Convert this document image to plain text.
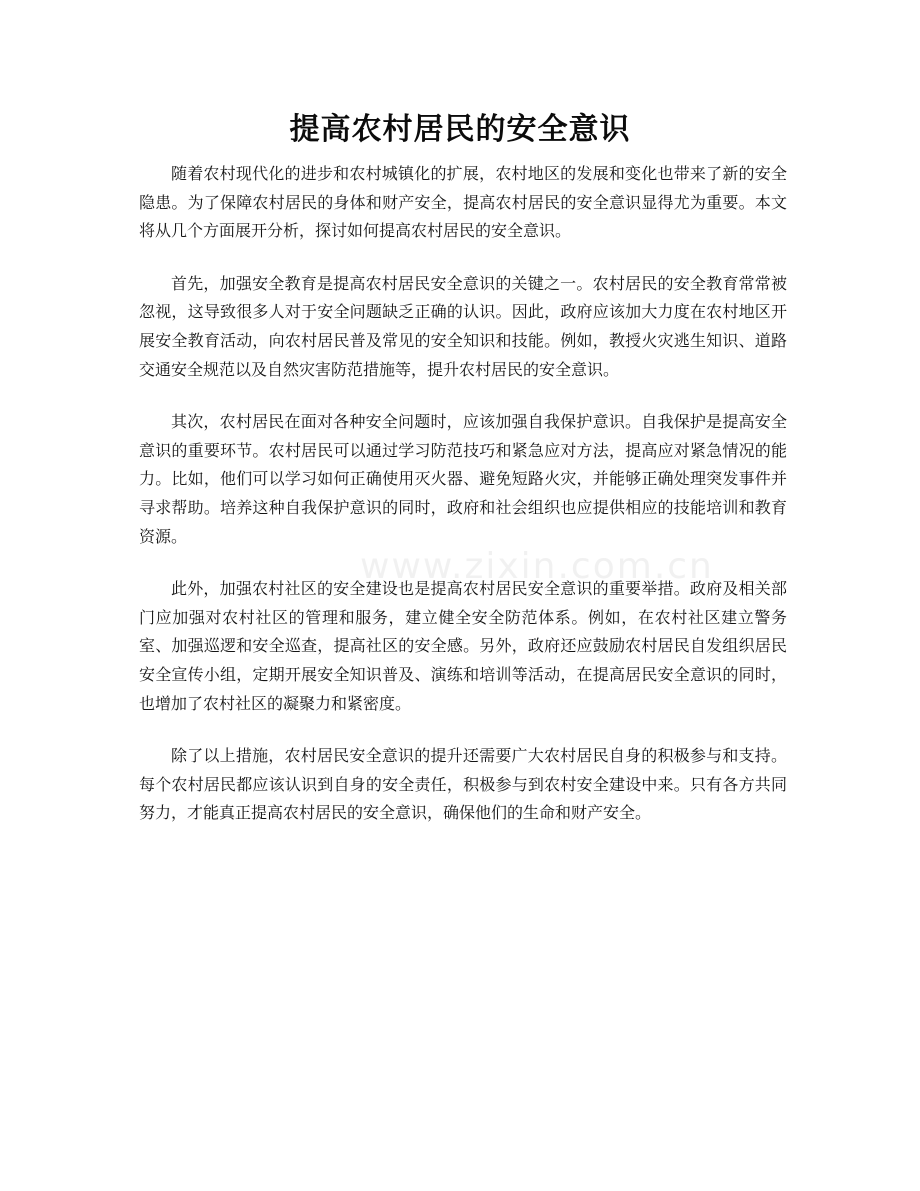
提高农村居民的安全意识
www.zixin.com.cn

随着农村现代化的进步和农村城镇化的扩展，农村地区的发展和变化也带来了新的安全隐患。为了保障农村居民的身体和财产安全，提高农村居民的安全意识显得尤为重要。本文将从几个方面展开分析，探讨如何提高农村居民的安全意识。

首先，加强安全教育是提高农村居民安全意识的关键之一。农村居民的安全教育常常被忽视，这导致很多人对于安全问题缺乏正确的认识。因此，政府应该加大力度在农村地区开展安全教育活动，向农村居民普及常见的安全知识和技能。例如，教授火灾逃生知识、道路交通安全规范以及自然灾害防范措施等，提升农村居民的安全意识。

其次，农村居民在面对各种安全问题时，应该加强自我保护意识。自我保护是提高安全意识的重要环节。农村居民可以通过学习防范技巧和紧急应对方法，提高应对紧急情况的能力。比如，他们可以学习如何正确使用灭火器、避免短路火灾，并能够正确处理突发事件并寻求帮助。培养这种自我保护意识的同时，政府和社会组织也应提供相应的技能培训和教育资源。

此外，加强农村社区的安全建设也是提高农村居民安全意识的重要举措。政府及相关部门应加强对农村社区的管理和服务，建立健全安全防范体系。例如，在农村社区建立警务室、加强巡逻和安全巡查，提高社区的安全感。另外，政府还应鼓励农村居民自发组织居民安全宣传小组，定期开展安全知识普及、演练和培训等活动，在提高居民安全意识的同时，也增加了农村社区的凝聚力和紧密度。

除了以上措施，农村居民安全意识的提升还需要广大农村居民自身的积极参与和支持。每个农村居民都应该认识到自身的安全责任，积极参与到农村安全建设中来。只有各方共同努力，才能真正提高农村居民的安全意识，确保他们的生命和财产安全。
